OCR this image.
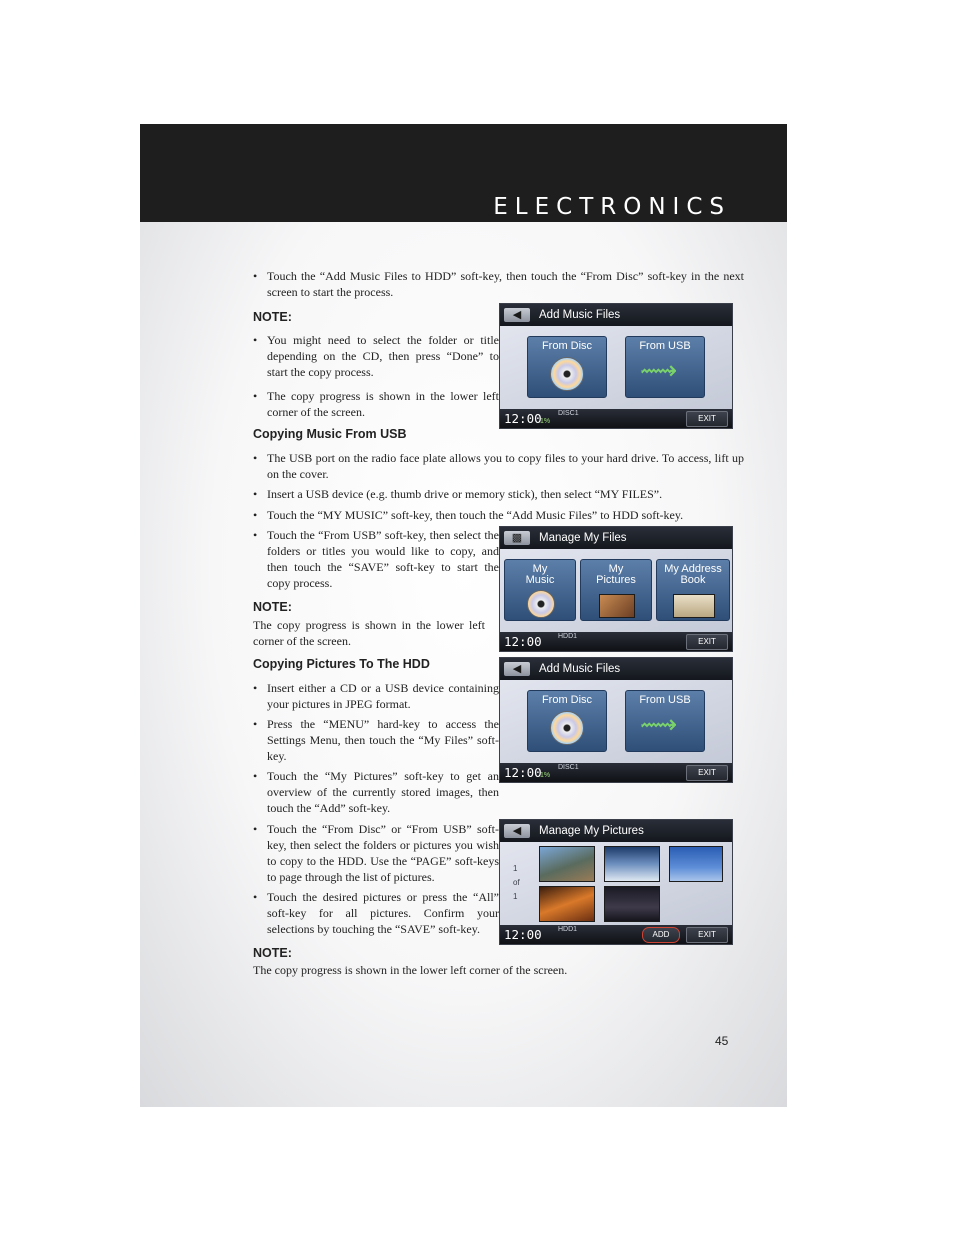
ELECTRONICS
• Touch the “Add Music Files to HDD” soft-key, then touch the “From Disc” soft-key in the next screen to start the process.
NOTE:
• You might need to select the folder or title depending on the CD, then press “Done” to start the copy process.
• The copy progress is shown in the lower left corner of the screen.
Copying Music From USB
• The USB port on the radio face plate allows you to copy files to your hard drive. To access, lift up on the cover.
• Insert a USB device (e.g. thumb drive or memory stick), then select “MY FILES”.
• Touch the “MY MUSIC” soft-key, then touch the “Add Music Files” to HDD soft-key.
• Touch the “From USB” soft-key, then select the folders or titles you would like to copy, and then touch the “SAVE” soft-key to start the copy process.
NOTE:
The copy progress is shown in the lower left corner of the screen.
Copying Pictures To The HDD
• Insert either a CD or a USB device containing your pictures in JPEG format.
• Press the “MENU” hard-key to access the Settings Menu, then touch the “My Files” soft-key.
• Touch the “My Pictures” soft-key to get an overview of the currently stored images, then touch the “Add” soft-key.
• Touch the “From Disc” or “From USB” soft-key, then select the folders or pictures you wish to copy to the HDD. Use the “PAGE” soft-keys to page through the list of pictures.
• Touch the desired pictures or press the “All” soft-key for all pictures. Confirm your selections by touching the “SAVE” soft-key.
NOTE:
The copy progress is shown in the lower left corner of the screen.
45
◀	Add Music Files
From Disc	From USB
⟿
12:00 DISC1
1%	EXIT
▩	Manage My Files
My Music
My Pictures
My Address Book
12:00 HDD1
EXIT
◀	Add Music Files
From Disc	From USB
⟿
12:00 DISC1
1%	EXIT
◀	Manage My Pictures
1
of
1
12:00 HDD1
ADD	EXIT
